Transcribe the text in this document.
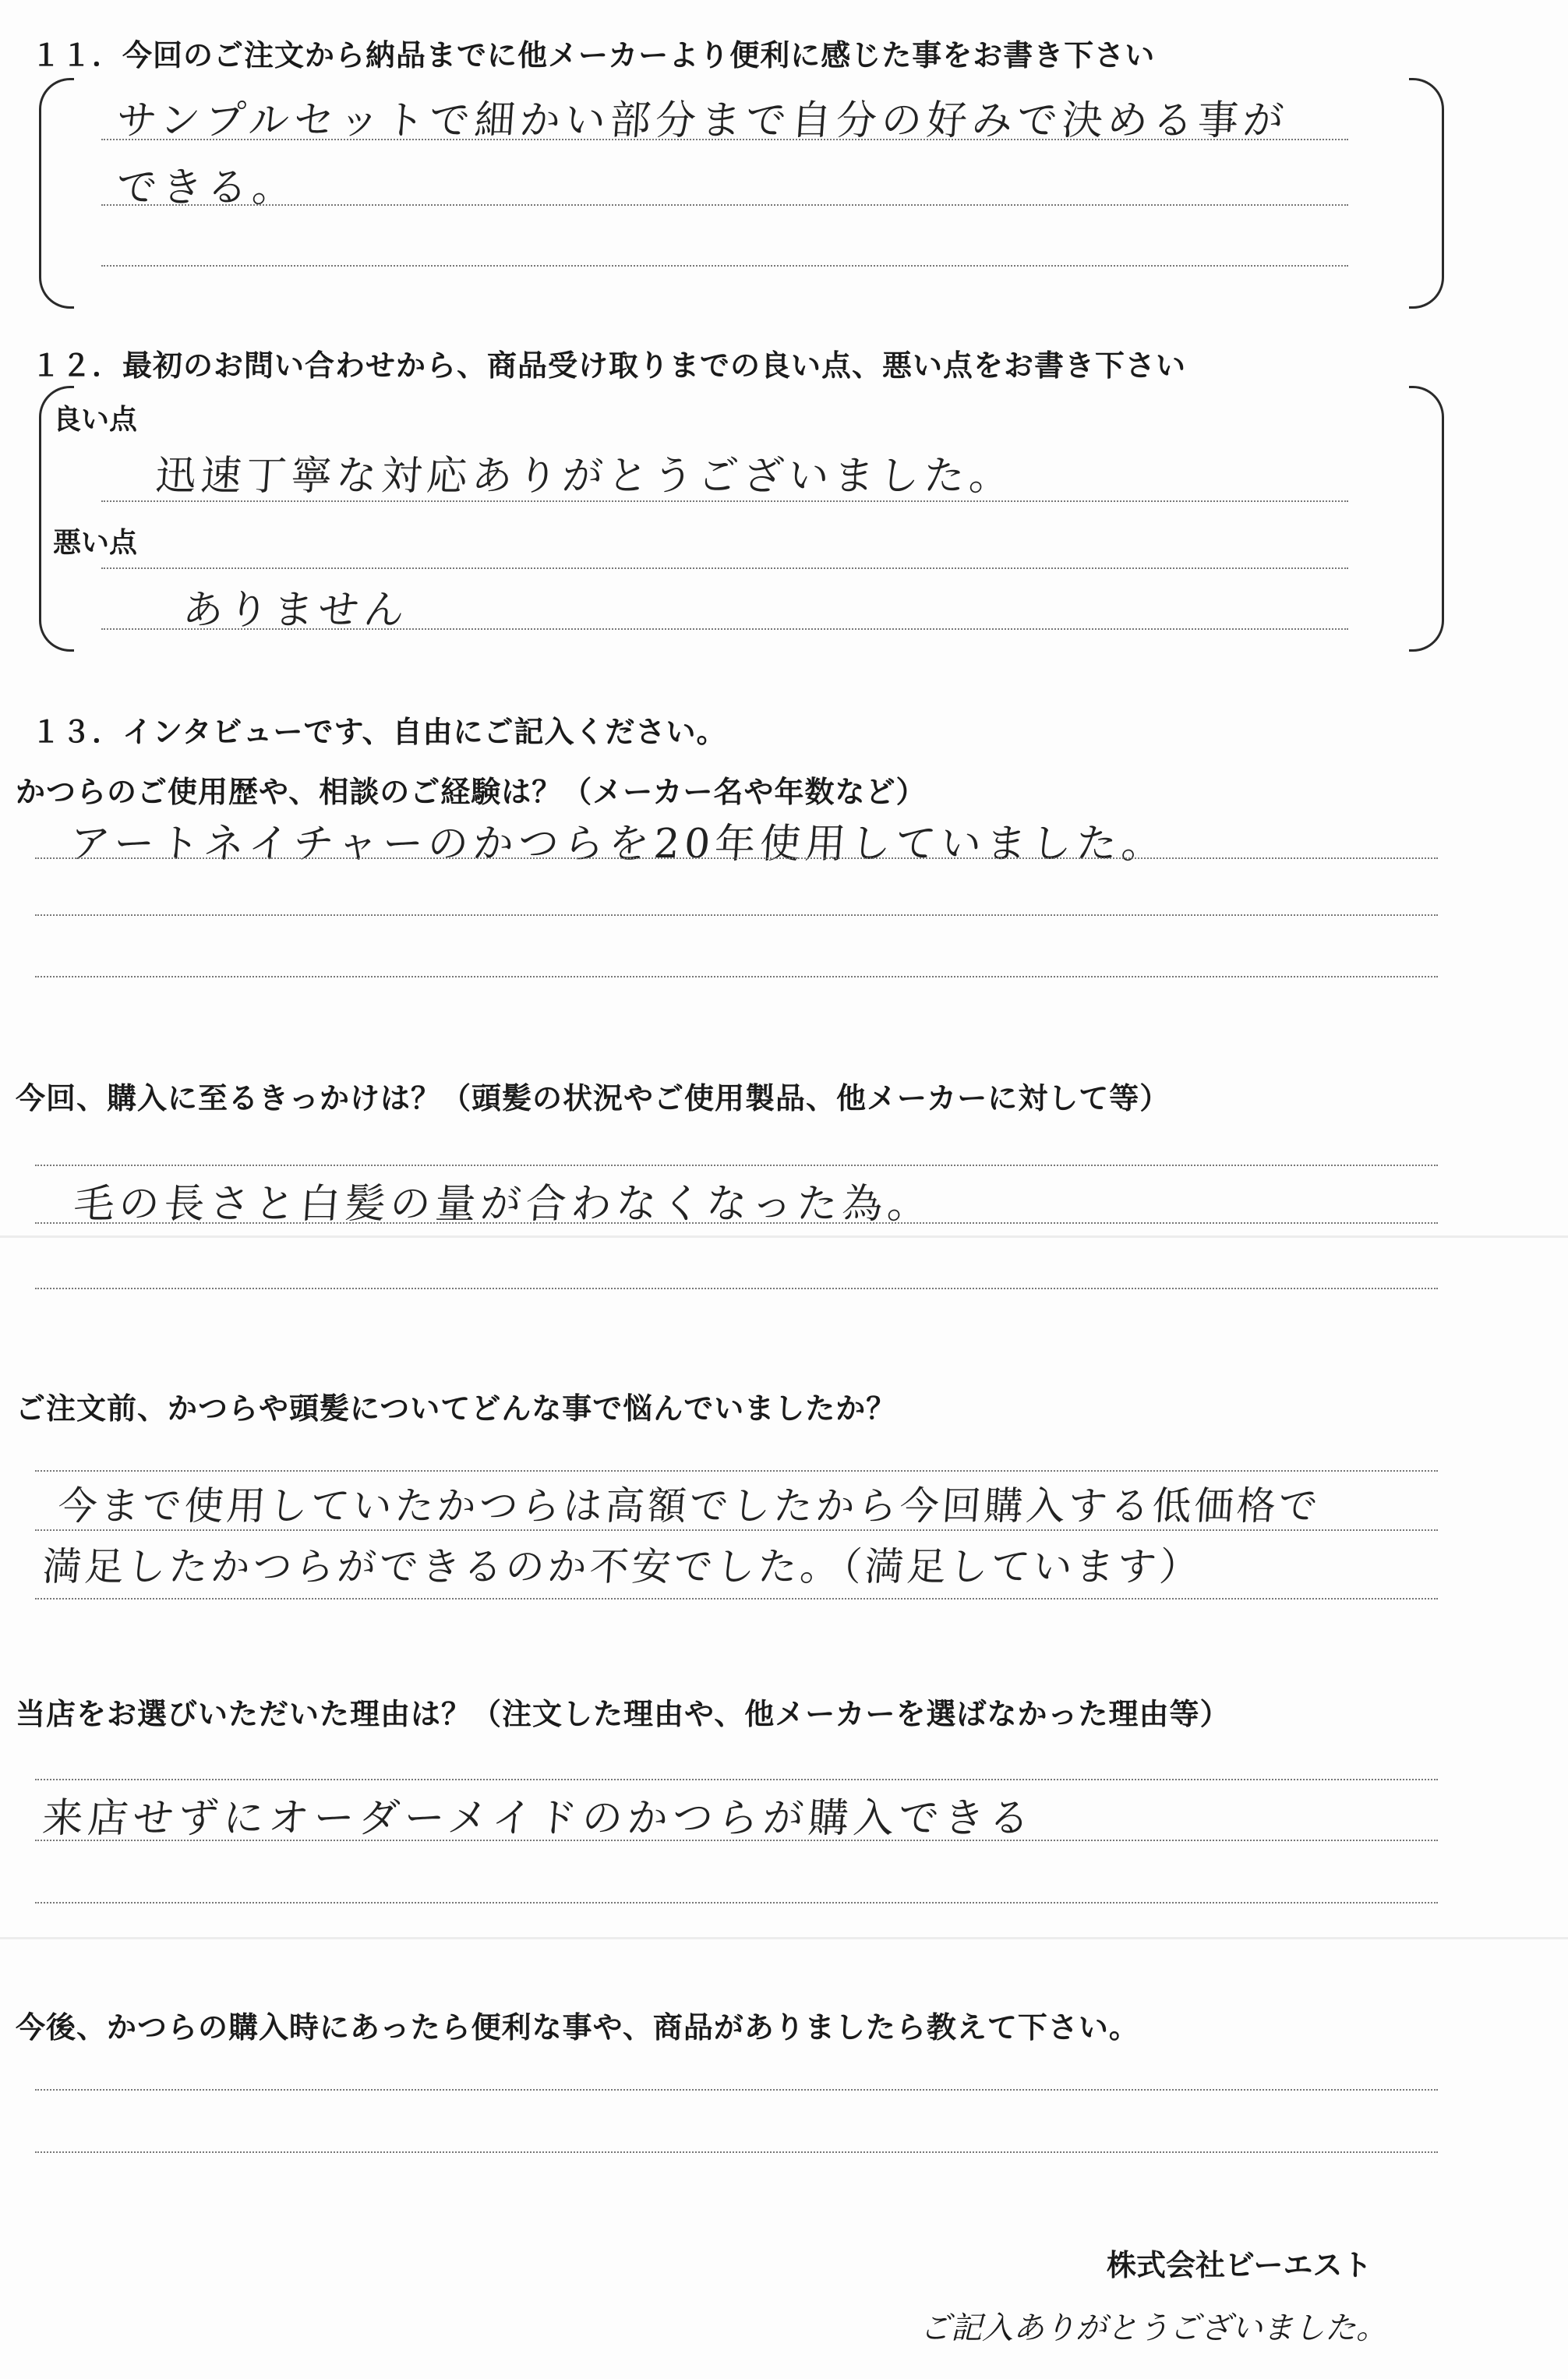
１１．今回のご注文から納品までに他メーカーより便利に感じた事をお書き下さい
サンプルセットで細かい部分まで自分の好みで決める事が
できる。
１２．最初のお問い合わせから、商品受け取りまでの良い点、悪い点をお書き下さい
良い点
迅速丁寧な対応ありがとうございました。
悪い点
ありません
１３．インタビューです、自由にご記入ください。
かつらのご使用歴や、相談のご経験は？（メーカー名や年数など）
アートネイチャーのかつらを20年使用していました。
今回、購入に至るきっかけは？（頭髪の状況やご使用製品、他メーカーに対して等）
毛の長さと白髪の量が合わなくなった為。
ご注文前、かつらや頭髪についてどんな事で悩んでいましたか？
今まで使用していたかつらは高額でしたから今回購入する低価格で
満足したかつらができるのか不安でした。（満足しています）
当店をお選びいただいた理由は？（注文した理由や、他メーカーを選ばなかった理由等）
来店せずにオーダーメイドのかつらが購入できる
今後、かつらの購入時にあったら便利な事や、商品がありましたら教えて下さい。
株式会社ビーエスト
ご記入ありがとうございました。
